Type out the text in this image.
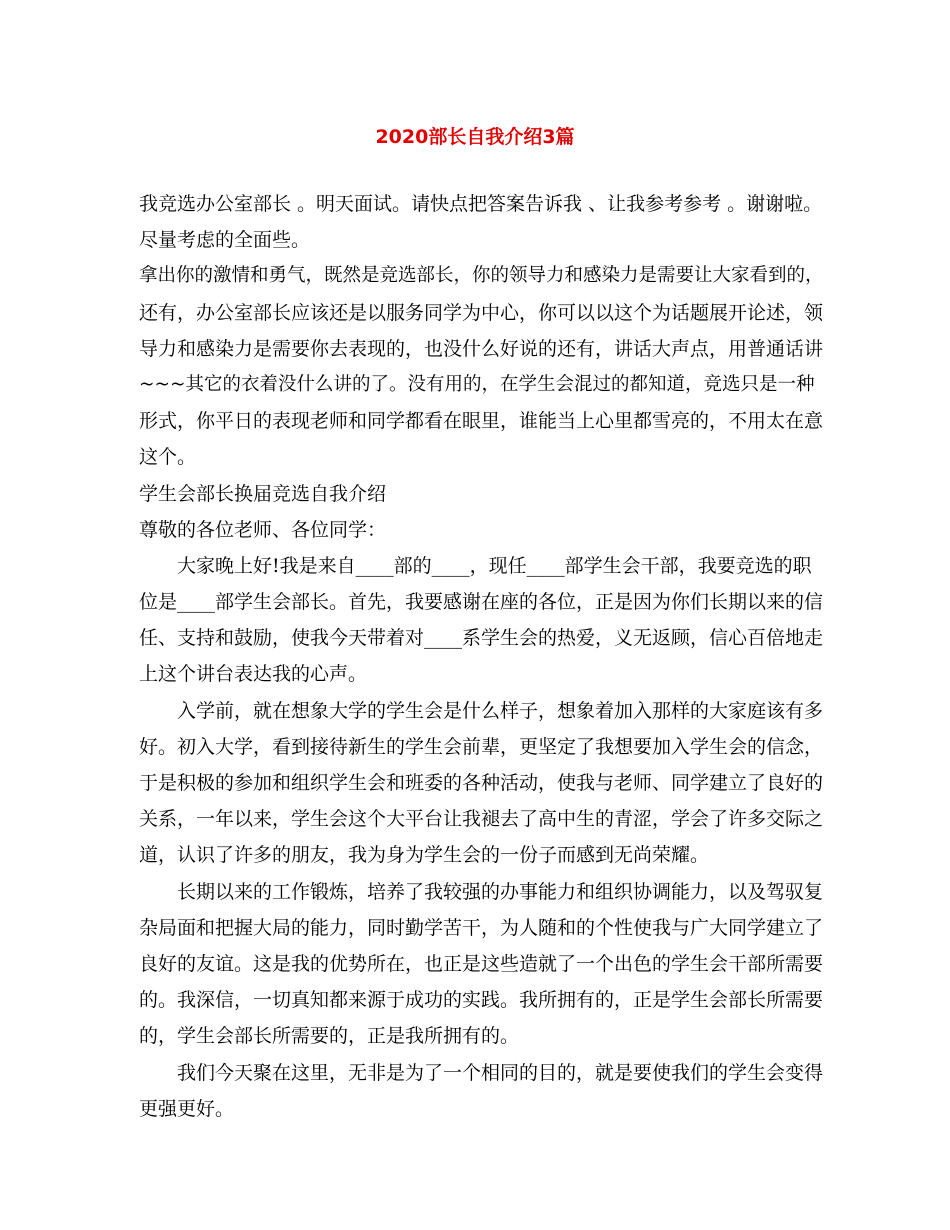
2020部长自我介绍3篇
我竞选办公室部长 。明天面试。请快点把答案告诉我 、让我参考参考 。谢谢啦。
尽量考虑的全面些。
拿出你的激情和勇气，既然是竞选部长，你的领导力和感染力是需要让大家看到的，
还有，办公室部长应该还是以服务同学为中心，你可以以这个为话题展开论述，领
导力和感染力是需要你去表现的，也没什么好说的还有，讲话大声点，用普通话讲
~~~其它的衣着没什么讲的了。没有用的，在学生会混过的都知道，竞选只是一种
形式，你平日的表现老师和同学都看在眼里，谁能当上心里都雪亮的，不用太在意
这个。
学生会部长换届竞选自我介绍
尊敬的各位老师、各位同学：
大家晚上好!我是来自____部的____，现任____部学生会干部，我要竞选的职
位是____部学生会部长。首先，我要感谢在座的各位，正是因为你们长期以来的信
任、支持和鼓励，使我今天带着对____系学生会的热爱，义无返顾，信心百倍地走
上这个讲台表达我的心声。
入学前，就在想象大学的学生会是什么样子，想象着加入那样的大家庭该有多
好。初入大学，看到接待新生的学生会前辈，更坚定了我想要加入学生会的信念，
于是积极的参加和组织学生会和班委的各种活动，使我与老师、同学建立了良好的
关系，一年以来，学生会这个大平台让我褪去了高中生的青涩，学会了许多交际之
道，认识了许多的朋友，我为身为学生会的一份子而感到无尚荣耀。
长期以来的工作锻炼，培养了我较强的办事能力和组织协调能力，以及驾驭复
杂局面和把握大局的能力，同时勤学苦干，为人随和的个性使我与广大同学建立了
良好的友谊。这是我的优势所在，也正是这些造就了一个出色的学生会干部所需要
的。我深信，一切真知都来源于成功的实践。我所拥有的，正是学生会部长所需要
的，学生会部长所需要的，正是我所拥有的。
我们今天聚在这里，无非是为了一个相同的目的，就是要使我们的学生会变得
更强更好。
